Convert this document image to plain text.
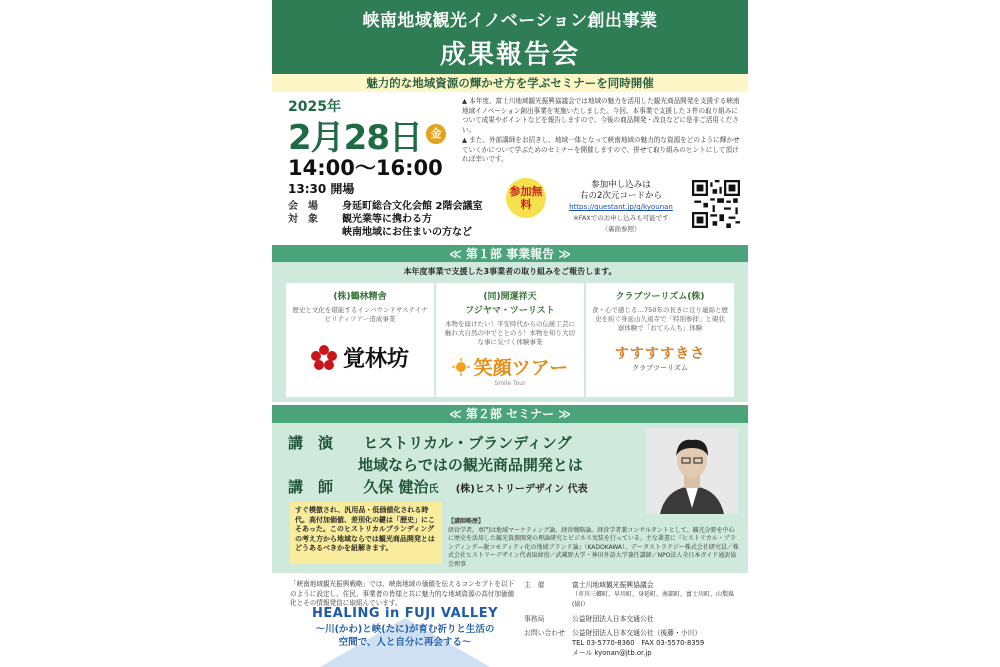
峡南地域観光イノベーション創出事業
成果報告会
魅力的な地域資源の輝かせ方を学ぶセミナーを同時開催
2025年
2月28日 金
14:00〜16:00
13:30 開場

▲ 本年度、富士川地域観光振興協議会では地域の魅力を活用した観光商品開発を支援する峡南地域イノベーション創出事業を実施いたしました。今回、本事業で支援した３件の取り組みについて成果やポイントなどを報告しますので、今後の商品開発・改良などに是非ご活用ください。

▲ また、外部講師をお招きし、地域一体となって峡南地域の魅力的な資源をどのように輝かせていくかについて学ぶためのセミナーを開催しますので、併せて取り組みのヒントにして頂ければ幸いです。

会　場	身延町総合文化会館 2階会議室
対　象	観光業等に携わる方
峡南地域にお住まいの方など
参加無料
参加申し込みは
右の2次元コードから
https://questant.jp/q/kyounan
※FAXでのお申し込みも可能です
（裏面参照）
≪ 第１部 事業報告 ≫
本年度事業で支援した3事業者の取り組みをご報告します。
(株)鶴林精舎
歴史と文化を堪能するインバウンドサステイナビリティツアー造成事業
覚林坊
(同)開運祥天
フジヤマ・ツーリスト
本物を届けたい！平安時代からの伝統工芸に触れ大自然の中でととのう！本物を知り大切な事に気づく体験事業
笑顔ツアー
Smile Tour
クラブツーリズム(株)
食・心で感じる…750年の長きに亘り連綿と歴史を紡ぐ身延山久遠寺で「特別参拝」と硯状寮体験で「おてらんち」体験
すすすすきさ
クラブツーリズム
≪ 第２部 セミナー ≫
講　演 ヒストリカル・ブランディング
地域ならではの観光商品開発とは
講　師 久保 健治氏 (株)ヒストリーデザイン 代表
すぐ模倣され、汎用品・低価値化される時代。高付加価値、差別化の鍵は「歴史」にこそあった。このヒストリカルブランディングの考え方から地域ならでは観光商品開発とはどうあるべきかを紐解きます。
【講師略歴】
経営学者。専門は地域マーケティング論、経営戦略論。経営学者兼コンサルタントとして、観光分野を中心に歴史を活用した観光資源開発の理論研究とビジネス実装を行っている。主な著書に『ヒストリカル・ブランディング―脱コモディティ化の地域ブランド論』（KADOKAWA）、データストラテジー株式会社研究員／株式会社ヒストリーデザイン代表取締役／武蔵野大学・神田外語大学兼任講師／NPO法人全日本ガイド通訳協会理事
「峡南地域観光振興戦略」では、峡南地域の価値を伝えるコンセプトを以下のように設定し、住民、事業者の皆様と共に魅力的な地域資源の高付加価値化とその情報発信に取組んでいます。
HEALING in FUJI VALLEY
〜川(かわ)と峡(たに)が育む祈りと生活の
空間で、人と自分に再会する〜
主　催	富士川地域観光振興協議会
（市川三郷町、早川町、身延町、南部町、富士川町、山梨県(協)）
事務局	公益財団法人日本交通公社
お問い合わせ	公益財団法人日本交通公社（後藤・小川）
TEL 03-5770-8360　FAX 03-5570-8359
メール kyonan@jtb.or.jp
